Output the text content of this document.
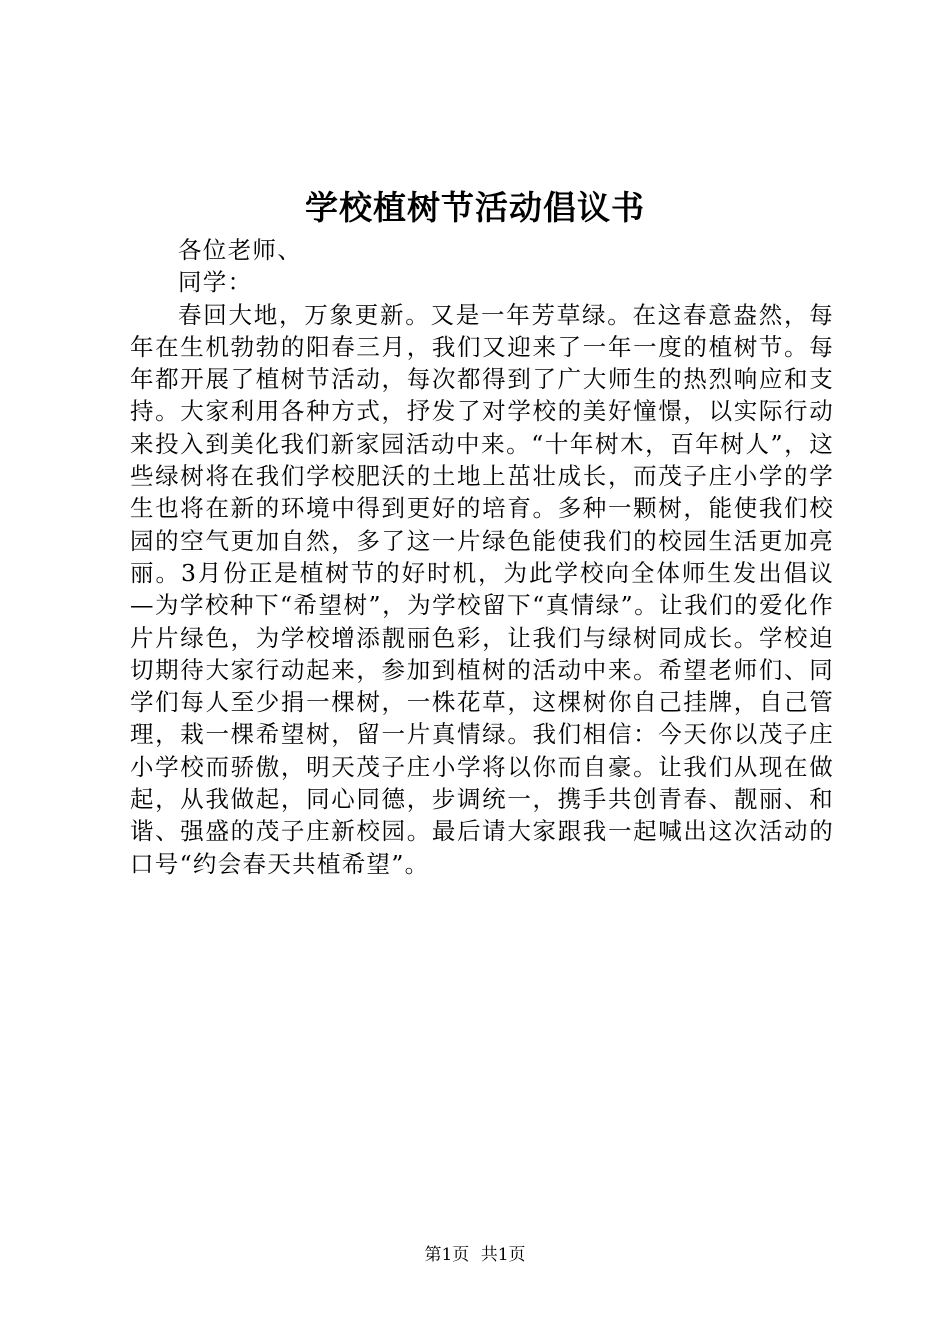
学校植树节活动倡议书

各位老师、

同学：

春回大地，万象更新。又是一年芳草绿。在这春意盎然，每年在生机勃勃的阳春三月，我们又迎来了一年一度的植树节。每年都开展了植树节活动，每次都得到了广大师生的热烈响应和支持。大家利用各种方式，抒发了对学校的美好憧憬，以实际行动来投入到美化我们新家园活动中来。“十年树木，百年树人”，这些绿树将在我们学校肥沃的土地上茁壮成长，而茂子庄小学的学生也将在新的环境中得到更好的培育。多种一颗树，能使我们校园的空气更加自然，多了这一片绿色能使我们的校园生活更加亮丽。3月份正是植树节的好时机，为此学校向全体师生发出倡议—为学校种下“希望树”，为学校留下“真情绿”。让我们的爱化作片片绿色，为学校增添靓丽色彩，让我们与绿树同成长。学校迫切期待大家行动起来，参加到植树的活动中来。希望老师们、同学们每人至少捐一棵树，一株花草，这棵树你自己挂牌，自己管理，栽一棵希望树，留一片真情绿。我们相信：今天你以茂子庄小学校而骄傲，明天茂子庄小学将以你而自豪。让我们从现在做起，从我做起，同心同德，步调统一，携手共创青春、靓丽、和谐、强盛的茂子庄新校园。最后请大家跟我一起喊出这次活动的口号“约会春天共植希望”。

第1页 共1页
